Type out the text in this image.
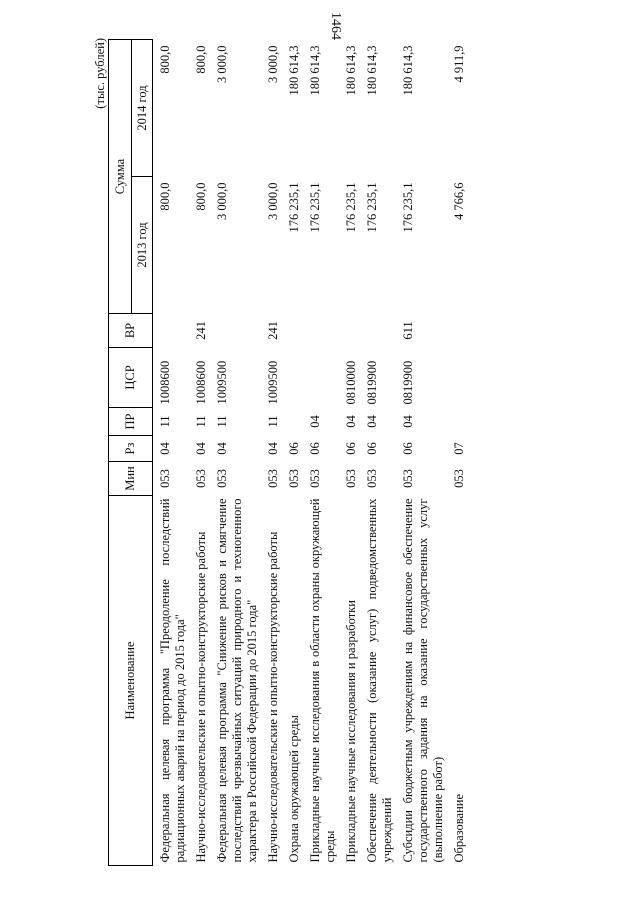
1464
(тыс. рублей)
Наименование	Мин	Рз	ПР	ЦСР	ВР	Сумма	
						2013 год	2014 год
Федеральная целевая программа "Преодоление последствий радиационных аварий на период до 2015 года"	053	04	11	1008600		800,0	800,0
Научно-исследовательские и опытно-конструкторские работы	053	04	11	1008600	241	800,0	800,0
Федеральная целевая программа "Снижение рисков и смягчение последствий чрезвычайных ситуаций природного и техногенного характера в Российской Федерации до 2015 года"	053	04	11	1009500		3 000,0	3 000,0
Научно-исследовательские и опытно-конструкторские работы	053	04	11	1009500	241	3 000,0	3 000,0
Охрана окружающей среды	053	06				176 235,1	180 614,3
Прикладные научные исследования в области охраны окружающей среды	053	06	04			176 235,1	180 614,3
Прикладные научные исследования и разработки	053	06	04	0810000		176 235,1	180 614,3
Обеспечение деятельности (оказание услуг) подведомственных учреждений	053	06	04	0819900		176 235,1	180 614,3
Субсидии бюджетным учреждениям на финансовое обеспечение государственного задания на оказание государственных услуг (выполнение работ)	053	06	04	0819900	611	176 235,1	180 614,3
Образование	053	07				4 766,6	4 911,9
